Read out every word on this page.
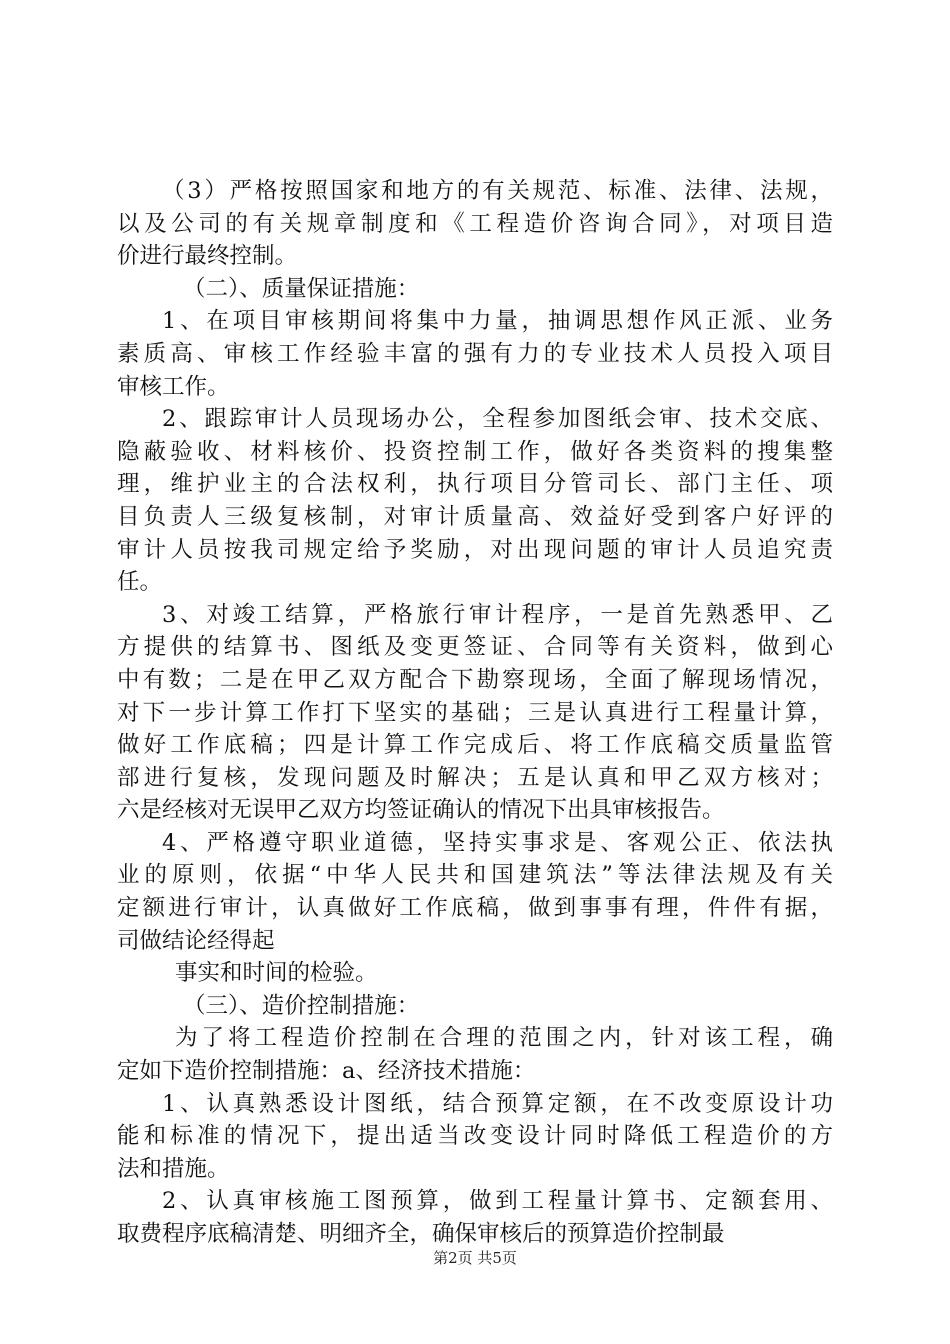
（3）严格按照国家和地方的有关规范、标准、法律、法规，
以及公司的有关规章制度和《工程造价咨询合同》，对项目造
价进行最终控制。
（二）、质量保证措施：
1、在项目审核期间将集中力量，抽调思想作风正派、业务
素质高、审核工作经验丰富的强有力的专业技术人员投入项目
审核工作。
2、跟踪审计人员现场办公，全程参加图纸会审、技术交底、
隐蔽验收、材料核价、投资控制工作，做好各类资料的搜集整
理，维护业主的合法权利，执行项目分管司长、部门主任、项
目负责人三级复核制，对审计质量高、效益好受到客户好评的
审计人员按我司规定给予奖励，对出现问题的审计人员追究责
任。
3、对竣工结算，严格旅行审计程序，一是首先熟悉甲、乙
方提供的结算书、图纸及变更签证、合同等有关资料，做到心
中有数；二是在甲乙双方配合下勘察现场，全面了解现场情况，
对下一步计算工作打下坚实的基础；三是认真进行工程量计算，
做好工作底稿；四是计算工作完成后、将工作底稿交质量监管
部进行复核，发现问题及时解决；五是认真和甲乙双方核对；
六是经核对无误甲乙双方均签证确认的情况下出具审核报告。
4、严格遵守职业道德，坚持实事求是、客观公正、依法执
业的原则，依据“中华人民共和国建筑法”等法律法规及有关
定额进行审计，认真做好工作底稿，做到事事有理，件件有据，
司做结论经得起
事实和时间的检验。
（三）、造价控制措施：
为了将工程造价控制在合理的范围之内，针对该工程，确
定如下造价控制措施：a、经济技术措施：
1、认真熟悉设计图纸，结合预算定额，在不改变原设计功
能和标准的情况下，提出适当改变设计同时降低工程造价的方
法和措施。
2、认真审核施工图预算，做到工程量计算书、定额套用、
取费程序底稿清楚、明细齐全，确保审核后的预算造价控制最
第2页 共5页
